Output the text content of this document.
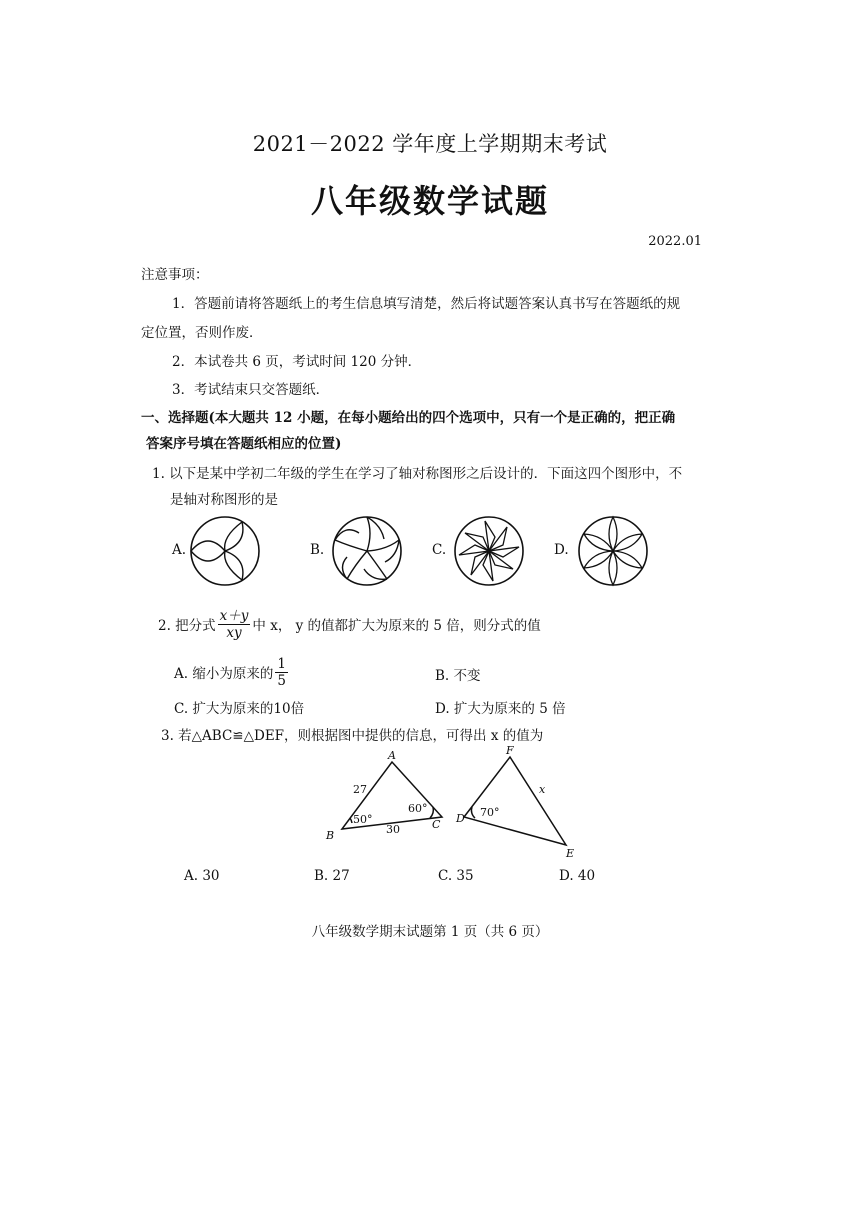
2021－2022 学年度上学期期末考试
八年级数学试题
2022.01
注意事项：
1．答题前请将答题纸上的考生信息填写清楚，然后将试题答案认真书写在答题纸的规
定位置，否则作废．
2．本试卷共 6 页，考试时间 120 分钟．
3．考试结束只交答题纸．
一、选择题(本大题共 12 小题，在每小题给出的四个选项中，只有一个是正确的，把正确
答案序号填在答题纸相应的位置)
1. 以下是某中学初二年级的学生在学习了轴对称图形之后设计的．下面这四个图形中，不
是轴对称图形的是
A.	B.	C.	D.
2. 把分式 $\frac{x+y}{xy}$ 中 x， y 的值都扩大为原来的 5 倍，则分式的值
A. 缩小为原来的 $\frac{1}{5}$	B. 不变
C. 扩大为原来的10倍	D. 扩大为原来的 5 倍
3. 若△ABC≌△DEF，则根据图中提供的信息，可得出 x 的值为
A
B
C D
E
F
x
27
30
50°
60°	70°
A. 30	B. 27	C. 35	D. 40
八年级数学期末试题第 1 页（共 6 页）
